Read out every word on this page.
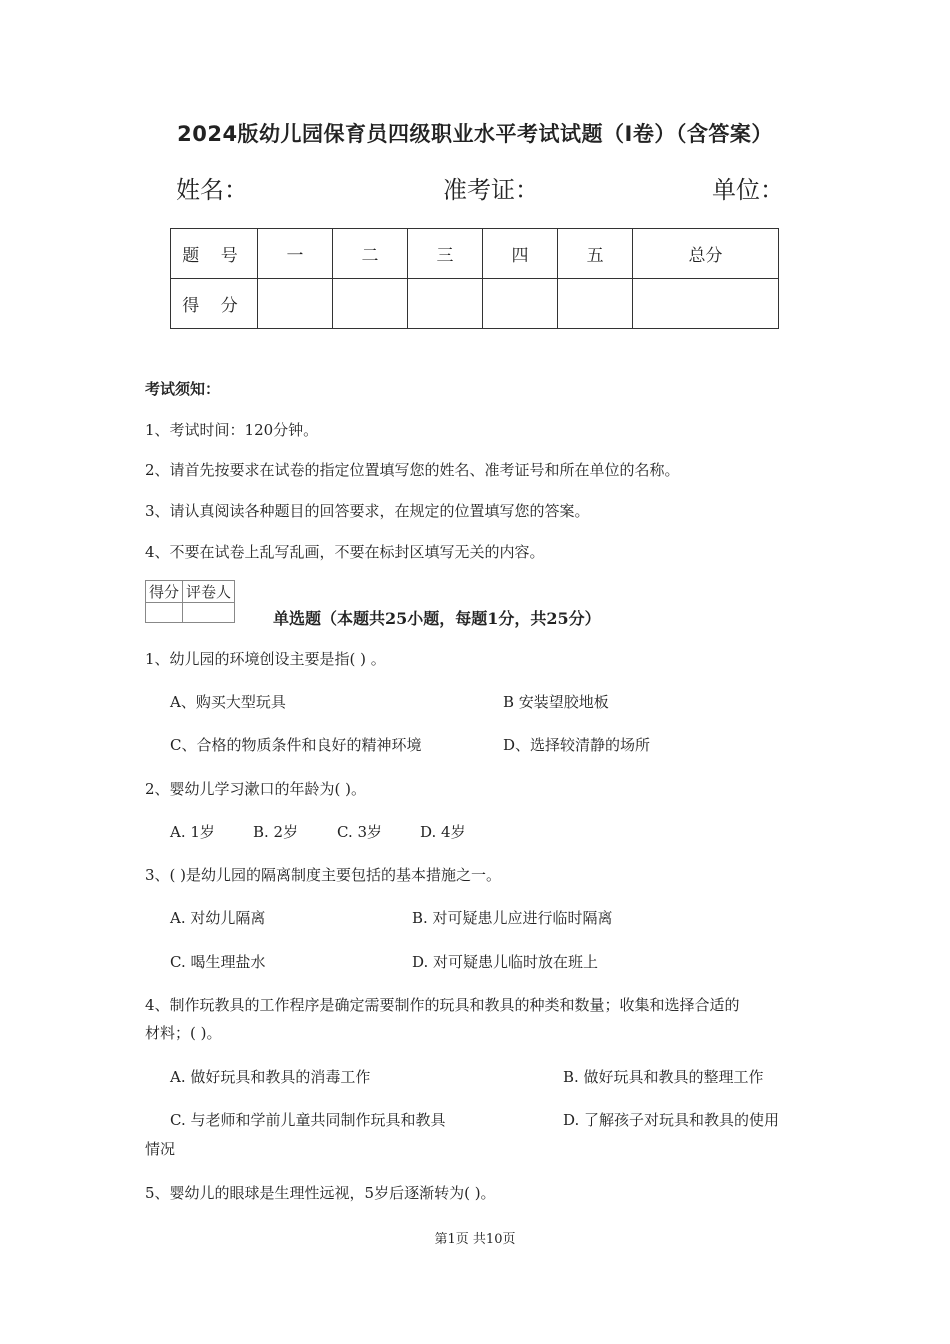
2024版幼儿园保育员四级职业水平考试试题（I卷）（含答案）
姓名：	准考证：	单位：
题 号	一	二	三	四	五	总分
得 分						
考试须知：
1、考试时间：120分钟。
2、请首先按要求在试卷的指定位置填写您的姓名、准考证号和所在单位的名称。
3、请认真阅读各种题目的回答要求，在规定的位置填写您的答案。
4、不要在试卷上乱写乱画，不要在标封区填写无关的内容。
得分	评卷人

单选题（本题共25小题，每题1分，共25分）
1、幼儿园的环境创设主要是指( ) 。
A、购买大型玩具	B 安装望胶地板
C、合格的物质条件和良好的精神环境	D、选择较清静的场所
2、婴幼儿学习漱口的年龄为( )。
A. 1岁	B. 2岁	C. 3岁	D. 4岁
3、( )是幼儿园的隔离制度主要包括的基本措施之一。
A. 对幼儿隔离	B. 对可疑患儿应进行临时隔离
C. 喝生理盐水	D. 对可疑患儿临时放在班上
4、制作玩教具的工作程序是确定需要制作的玩具和教具的种类和数量；收集和选择合适的
材料；( )。
A. 做好玩具和教具的消毒工作	B. 做好玩具和教具的整理工作
C. 与老师和学前儿童共同制作玩具和教具	D. 了解孩子对玩具和教具的使用
情况
5、婴幼儿的眼球是生理性远视，5岁后逐渐转为( )。
第1页 共10页
